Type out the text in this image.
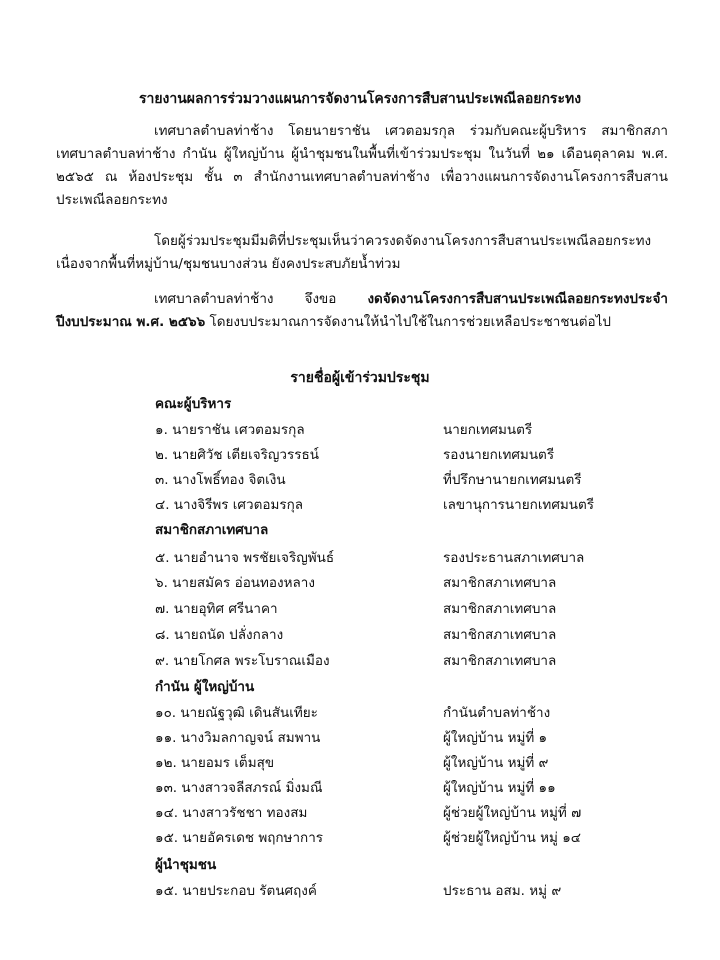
รายงานผลการร่วมวางแผนการจัดงานโครงการสืบสานประเพณีลอยกระทง

เทศบาลตำบลท่าช้าง โดยนายราชัน เศวตอมรกุล ร่วมกับคณะผู้บริหาร สมาชิกสภาเทศบาลตำบลท่าช้าง กำนัน ผู้ใหญ่บ้าน ผู้นำชุมชนในพื้นที่เข้าร่วมประชุม ในวันที่ ๒๑ เดือนตุลาคม พ.ศ. ๒๕๖๕ ณ ห้องประชุม ชั้น ๓ สำนักงานเทศบาลตำบลท่าช้าง เพื่อวางแผนการจัดงานโครงการสืบสานประเพณีลอยกระทง

โดยผู้ร่วมประชุมมีมติที่ประชุมเห็นว่าควรงดจัดงานโครงการสืบสานประเพณีลอยกระทง เนื่องจากพื้นที่หมู่บ้าน/ชุมชนบางส่วน ยังคงประสบภัยน้ำท่วม

เทศบาลตำบลท่าช้าง จึงขอ งดจัดงานโครงการสืบสานประเพณีลอยกระทงประจำปีงบประมาณ พ.ศ. ๒๕๖๖ โดยงบประมาณการจัดงานให้นำไปใช้ในการช่วยเหลือประชาชนต่อไป

รายชื่อผู้เข้าร่วมประชุม
คณะผู้บริหาร
๑. นายราชัน เศวตอมรกุล	นายกเทศมนตรี
๒. นายศิวัช เตียเจริญวรรธน์	รองนายกเทศมนตรี
๓. นางโพธิ์ทอง จิตเงิน	ที่ปรึกษานายกเทศมนตรี
๔. นางจิรีพร เศวตอมรกุล	เลขานุการนายกเทศมนตรี
สมาชิกสภาเทศบาล
๕. นายอำนาจ พรชัยเจริญพันธ์	รองประธานสภาเทศบาล
๖. นายสมัคร อ่อนทองหลาง	สมาชิกสภาเทศบาล
๗. นายอุทิศ ศรีนาคา	สมาชิกสภาเทศบาล
๘. นายถนัด ปลั่งกลาง	สมาชิกสภาเทศบาล
๙. นายโกศล พระโบราณเมือง	สมาชิกสภาเทศบาล
กำนัน ผู้ใหญ่บ้าน
๑๐. นายณัฐวุฒิ เดินสันเทียะ	กำนันตำบลท่าช้าง
๑๑. นางวิมลกาญจน์ สมพาน	ผู้ใหญ่บ้าน หมู่ที่ ๑
๑๒. นายอมร เต็มสุข	ผู้ใหญ่บ้าน หมู่ที่ ๙
๑๓. นางสาวจลีสภรณ์ มิ่งมณี	ผู้ใหญ่บ้าน หมู่ที่ ๑๑
๑๔. นางสาวรัชชา ทองสม	ผู้ช่วยผู้ใหญ่บ้าน หมู่ที่ ๗
๑๕. นายอัครเดช พฤกษาการ	ผู้ช่วยผู้ใหญ่บ้าน หมู่ ๑๔
ผู้นำชุมชน
๑๕. นายประกอบ รัตนศฤงค์	ประธาน อสม. หมู่ ๙
